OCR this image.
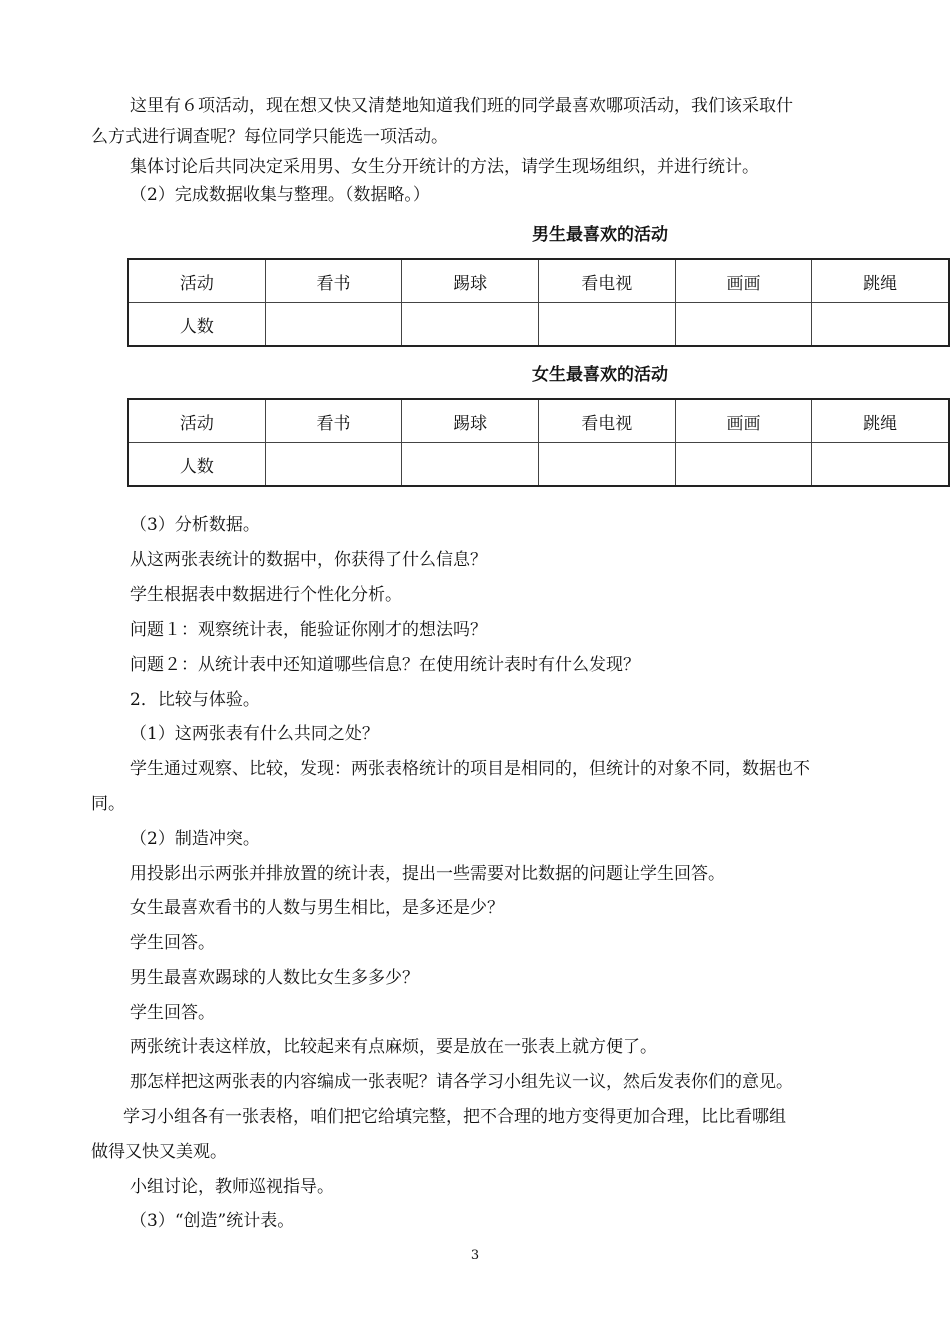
这里有６项活动，现在想又快又清楚地知道我们班的同学最喜欢哪项活动，我们该采取什
么方式进行调查呢？每位同学只能选一项活动。
集体讨论后共同决定采用男、女生分开统计的方法，请学生现场组织，并进行统计。
（2）完成数据收集与整理。（数据略。）
男生最喜欢的活动
活动	看书	踢球	看电视	画画	跳绳
人数					
女生最喜欢的活动
活动	看书	踢球	看电视	画画	跳绳
人数					
（3）分析数据。
从这两张表统计的数据中，你获得了什么信息？
学生根据表中数据进行个性化分析。
问题１：观察统计表，能验证你刚才的想法吗？
问题２：从统计表中还知道哪些信息？在使用统计表时有什么发现？
2．比较与体验。
（1）这两张表有什么共同之处？
学生通过观察、比较，发现：两张表格统计的项目是相同的，但统计的对象不同，数据也不
同。
（2）制造冲突。
用投影出示两张并排放置的统计表，提出一些需要对比数据的问题让学生回答。
女生最喜欢看书的人数与男生相比，是多还是少？
学生回答。
男生最喜欢踢球的人数比女生多多少？
学生回答。
两张统计表这样放，比较起来有点麻烦，要是放在一张表上就方便了。
那怎样把这两张表的内容编成一张表呢？请各学习小组先议一议，然后发表你们的意见。
学习小组各有一张表格，咱们把它给填完整，把不合理的地方变得更加合理，比比看哪组
做得又快又美观。
小组讨论，教师巡视指导。
（3）“创造”统计表。
3
